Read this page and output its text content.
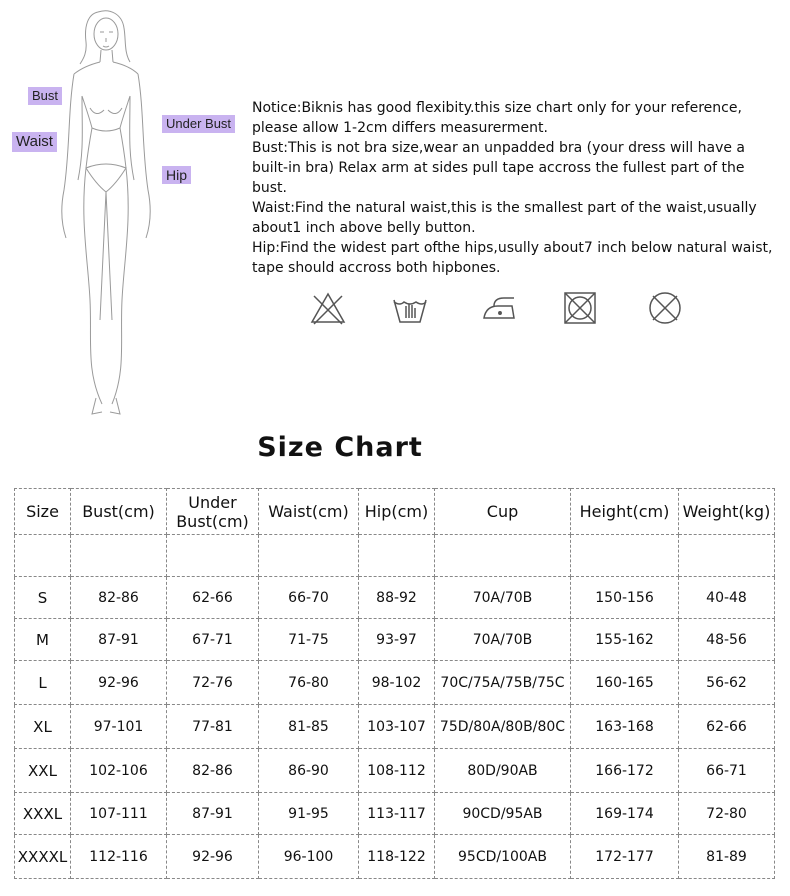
Bust
Waist
Under Bust
Hip

Notice:Biknis has good flexibity.this size chart only for your reference,

please allow 1-2cm differs measurerment.

Bust:This is not bra size,wear an unpadded bra (your dress will have a

built-in bra) Relax arm at sides pull tape accross the fullest part of the bust.

Waist:Find the natural waist,this is the smallest part of the waist,usually

about1 inch above belly button.

Hip:Find the widest part ofthe hips,usully about7 inch below natural waist,

tape should accross both hipbones.

Size Chart
Size	Bust(cm)	Under Bust(cm)	Waist(cm)	Hip(cm)	Cup	Height(cm)	Weight(kg)

S	82-86	62-66	66-70	88-92	70A/70B	150-156	40-48
M	87-91	67-71	71-75	93-97	70A/70B	155-162	48-56
L	92-96	72-76	76-80	98-102	70C/75A/75B/75C	160-165	56-62
XL	97-101	77-81	81-85	103-107	75D/80A/80B/80C	163-168	62-66
XXL	102-106	82-86	86-90	108-112	80D/90AB	166-172	66-71
XXXL	107-111	87-91	91-95	113-117	90CD/95AB	169-174	72-80
XXXXL	112-116	92-96	96-100	118-122	95CD/100AB	172-177	81-89
